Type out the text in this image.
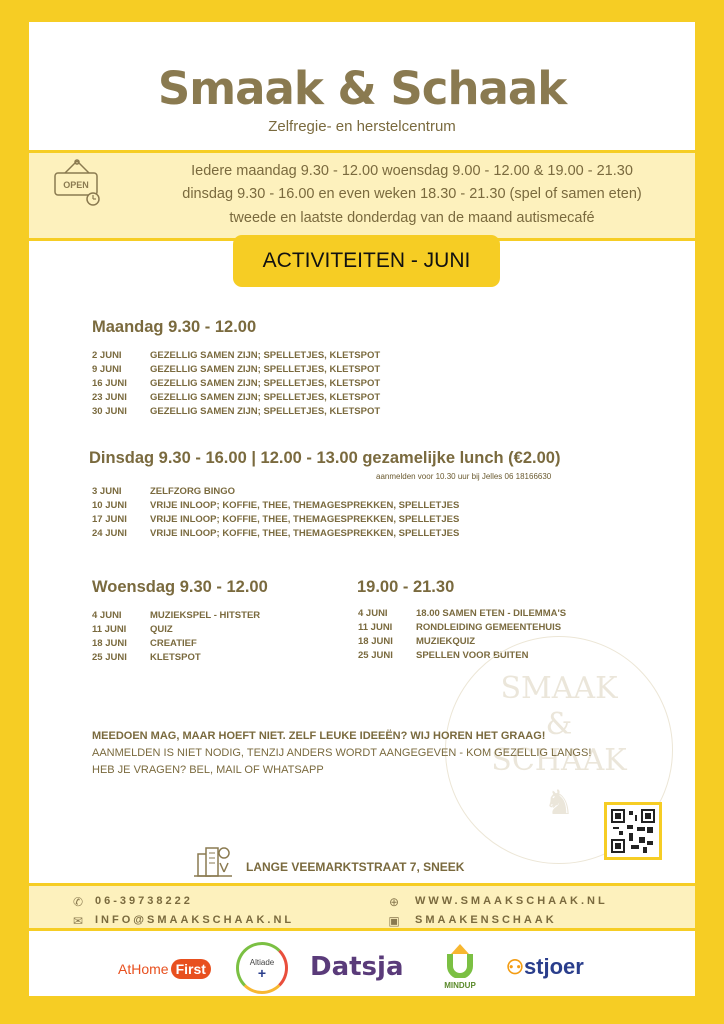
Smaak & Schaak
Zelfregie- en herstelcentrum
OPEN
Iedere maandag 9.30 - 12.00 woensdag 9.00 - 12.00 & 19.00 - 21.30
dinsdag 9.30 - 16.00 en even weken 18.30 - 21.30 (spel of samen eten)
tweede en laatste donderdag van de maand autismecafé
ACTIVITEITEN - JUNI
Maandag 9.30 - 12.00
2 JUNI	GEZELLIG SAMEN ZIJN; SPELLETJES, KLETSPOT
9 JUNI	GEZELLIG SAMEN ZIJN; SPELLETJES, KLETSPOT
16 JUNI GEZELLIG SAMEN ZIJN; SPELLETJES, KLETSPOT
23 JUNI GEZELLIG SAMEN ZIJN; SPELLETJES, KLETSPOT
30 JUNI GEZELLIG SAMEN ZIJN; SPELLETJES, KLETSPOT
Dinsdag 9.30 - 16.00 | 12.00 - 13.00 gezamelijke lunch (€2.00)
aanmelden voor 10.30 uur bij Jelles 06 18166630
3 JUNI	ZELFZORG BINGO
10 JUNI VRIJE INLOOP; KOFFIE, THEE, THEMAGESPREKKEN, SPELLETJES
17 JUNI VRIJE INLOOP; KOFFIE, THEE, THEMAGESPREKKEN, SPELLETJES
24 JUNI VRIJE INLOOP; KOFFIE, THEE, THEMAGESPREKKEN, SPELLETJES
Woensdag 9.30 - 12.00
4 JUNI	MUZIEKSPEL - HITSTER
11 JUNI QUIZ
18 JUNI CREATIEF
25 JUNI KLETSPOT
19.00 - 21.30
4 JUNI	18.00 SAMEN ETEN - DILEMMA'S
11 JUNI RONDLEIDING GEMEENTEHUIS
18 JUNI MUZIEKQUIZ
25 JUNI SPELLEN VOOR BUITEN
SMAAK
&
SCHAAK
♞
MEEDOEN MAG, MAAR HOEFT NIET. ZELF LEUKE IDEEËN? WIJ HOREN HET GRAAG!
AANMELDEN IS NIET NODIG, TENZIJ ANDERS WORDT AANGEGEVEN - KOM GEZELLIG LANGS!
HEB JE VRAGEN? BEL, MAIL OF WHATSAPP
LANGE VEEMARKTSTRAAT 7, SNEEK
✆ 06-39738222
✉ INFO@SMAAKSCHAAK.NL
⊕ WWW.SMAAKSCHAAK.NL
▣ SMAAKENSCHAAK
AtHome First	Altiade
+	Datsja
MINDUP
⚇stjoer
